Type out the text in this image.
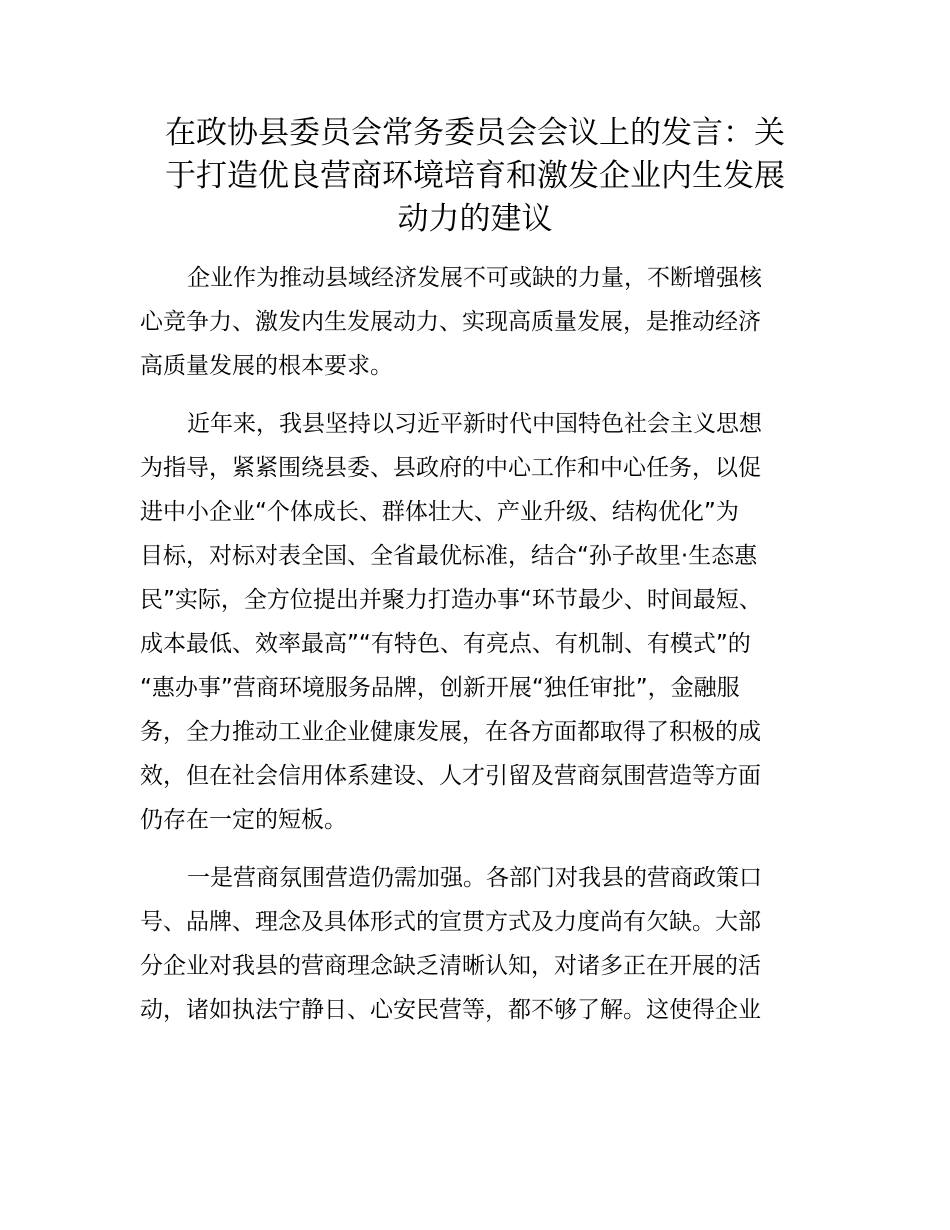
在政协县委员会常务委员会会议上的发言：关
于打造优良营商环境培育和激发企业内生发展
动力的建议

企业作为推动县域经济发展不可或缺的力量，不断增强核
心竞争力、激发内生发展动力、实现高质量发展，是推动经济
高质量发展的根本要求。

近年来，我县坚持以习近平新时代中国特色社会主义思想
为指导，紧紧围绕县委、县政府的中心工作和中心任务，以促
进中小企业“个体成长、群体壮大、产业升级、结构优化”为
目标，对标对表全国、全省最优标准，结合“孙子故里·生态惠
民”实际，全方位提出并聚力打造办事“环节最少、时间最短、
成本最低、效率最高”“有特色、有亮点、有机制、有模式”的
“惠办事”营商环境服务品牌，创新开展“独任审批”，金融服
务，全力推动工业企业健康发展，在各方面都取得了积极的成
效，但在社会信用体系建设、人才引留及营商氛围营造等方面
仍存在一定的短板。

一是营商氛围营造仍需加强。各部门对我县的营商政策口
号、品牌、理念及具体形式的宣贯方式及力度尚有欠缺。大部
分企业对我县的营商理念缺乏清晰认知，对诸多正在开展的活
动，诸如执法宁静日、心安民营等，都不够了解。这使得企业
